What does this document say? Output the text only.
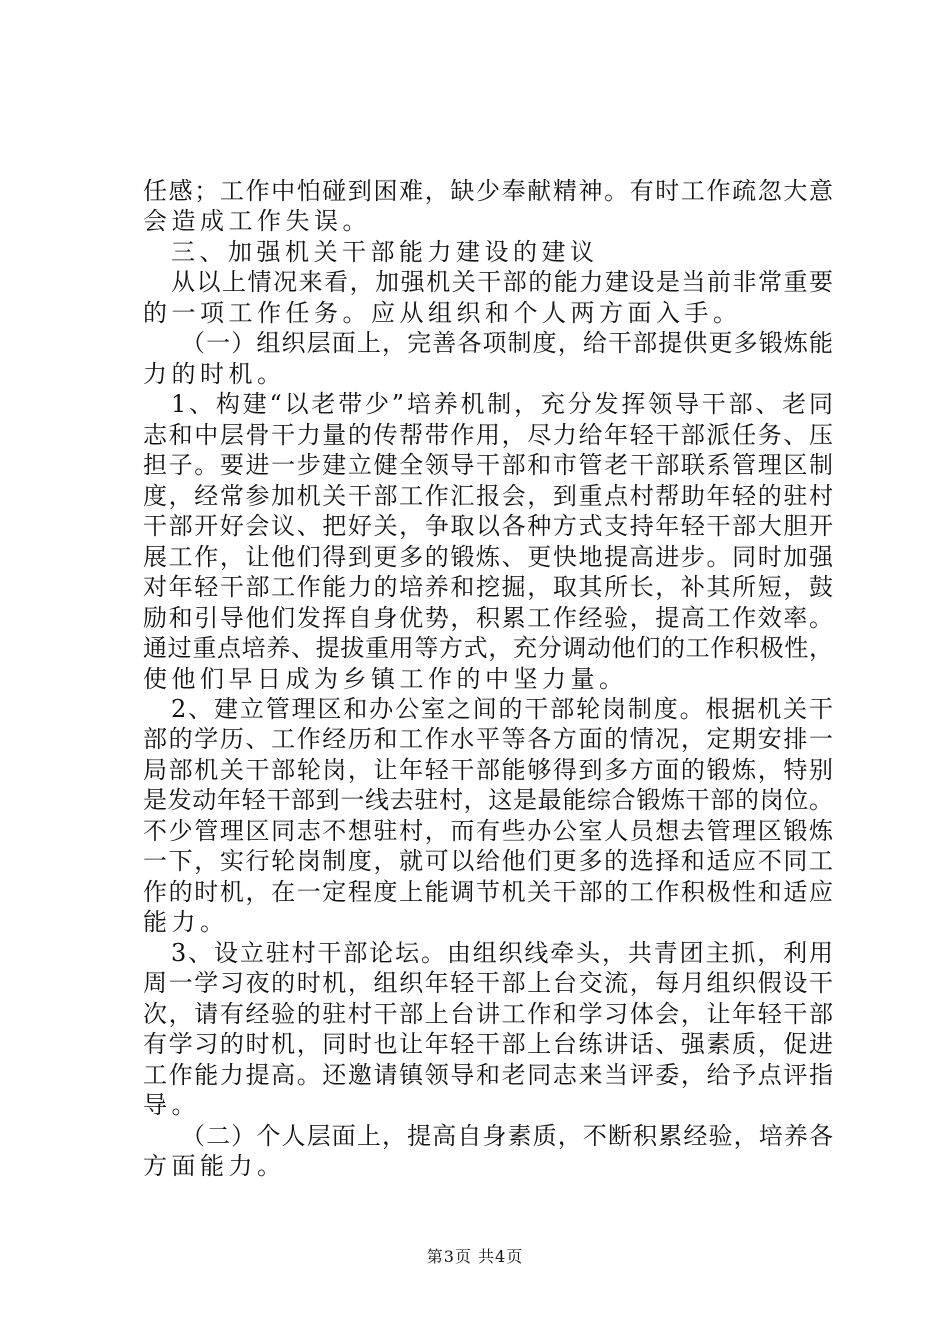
任感；工作中怕碰到困难，缺少奉献精神。有时工作疏忽大意
会造成工作失误。
三、加强机关干部能力建设的建议
从以上情况来看，加强机关干部的能力建设是当前非常重要
的一项工作任务。应从组织和个人两方面入手。
（一）组织层面上，完善各项制度，给干部提供更多锻炼能
力的时机。
1、构建“以老带少”培养机制，充分发挥领导干部、老同
志和中层骨干力量的传帮带作用，尽力给年轻干部派任务、压
担子。要进一步建立健全领导干部和市管老干部联系管理区制
度，经常参加机关干部工作汇报会，到重点村帮助年轻的驻村
干部开好会议、把好关，争取以各种方式支持年轻干部大胆开
展工作，让他们得到更多的锻炼、更快地提高进步。同时加强
对年轻干部工作能力的培养和挖掘，取其所长，补其所短，鼓
励和引导他们发挥自身优势，积累工作经验，提高工作效率。
通过重点培养、提拔重用等方式，充分调动他们的工作积极性，
使他们早日成为乡镇工作的中坚力量。
2、建立管理区和办公室之间的干部轮岗制度。根据机关干
部的学历、工作经历和工作水平等各方面的情况，定期安排一
局部机关干部轮岗，让年轻干部能够得到多方面的锻炼，特别
是发动年轻干部到一线去驻村，这是最能综合锻炼干部的岗位。
不少管理区同志不想驻村，而有些办公室人员想去管理区锻炼
一下，实行轮岗制度，就可以给他们更多的选择和适应不同工
作的时机，在一定程度上能调节机关干部的工作积极性和适应
能力。
3、设立驻村干部论坛。由组织线牵头，共青团主抓，利用
周一学习夜的时机，组织年轻干部上台交流，每月组织假设干
次，请有经验的驻村干部上台讲工作和学习体会，让年轻干部
有学习的时机，同时也让年轻干部上台练讲话、强素质，促进
工作能力提高。还邀请镇领导和老同志来当评委，给予点评指
导。
（二）个人层面上，提高自身素质，不断积累经验，培养各
方面能力。
第3页 共4页
